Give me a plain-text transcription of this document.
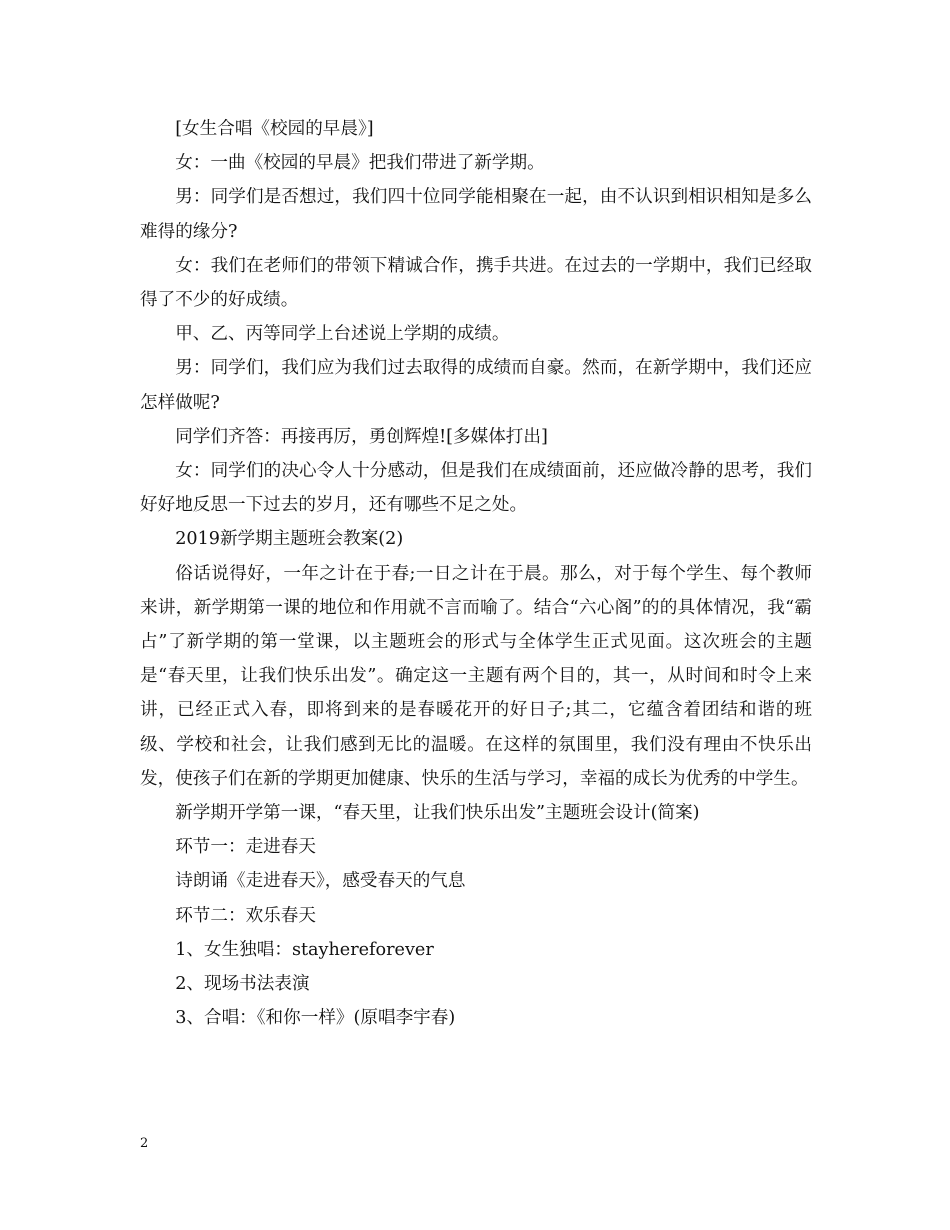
[女生合唱《校园的早晨》]

女：一曲《校园的早晨》把我们带进了新学期。

男：同学们是否想过，我们四十位同学能相聚在一起，由不认识到相识相知是多么难得的缘分?

女：我们在老师们的带领下精诚合作，携手共进。在过去的一学期中，我们已经取得了不少的好成绩。

甲、乙、丙等同学上台述说上学期的成绩。

男：同学们，我们应为我们过去取得的成绩而自豪。然而，在新学期中，我们还应怎样做呢?

同学们齐答：再接再厉，勇创辉煌![多媒体打出]

女：同学们的决心令人十分感动，但是我们在成绩面前，还应做冷静的思考，我们好好地反思一下过去的岁月，还有哪些不足之处。

2019新学期主题班会教案(2)

俗话说得好，一年之计在于春;一日之计在于晨。那么，对于每个学生、每个教师来讲，新学期第一课的地位和作用就不言而喻了。结合“六心阁”的的具体情况，我“霸占”了新学期的第一堂课，以主题班会的形式与全体学生正式见面。这次班会的主题是“春天里，让我们快乐出发”。确定这一主题有两个目的，其一，从时间和时令上来讲，已经正式入春，即将到来的是春暖花开的好日子;其二，它蕴含着团结和谐的班级、学校和社会，让我们感到无比的温暖。在这样的氛围里，我们没有理由不快乐出发，使孩子们在新的学期更加健康、快乐的生活与学习，幸福的成长为优秀的中学生。

新学期开学第一课，“春天里，让我们快乐出发”主题班会设计(简案)

环节一：走进春天

诗朗诵《走进春天》，感受春天的气息

环节二：欢乐春天

1、女生独唱：stayhereforever

2、现场书法表演

3、合唱：《和你一样》(原唱李宇春)

2
